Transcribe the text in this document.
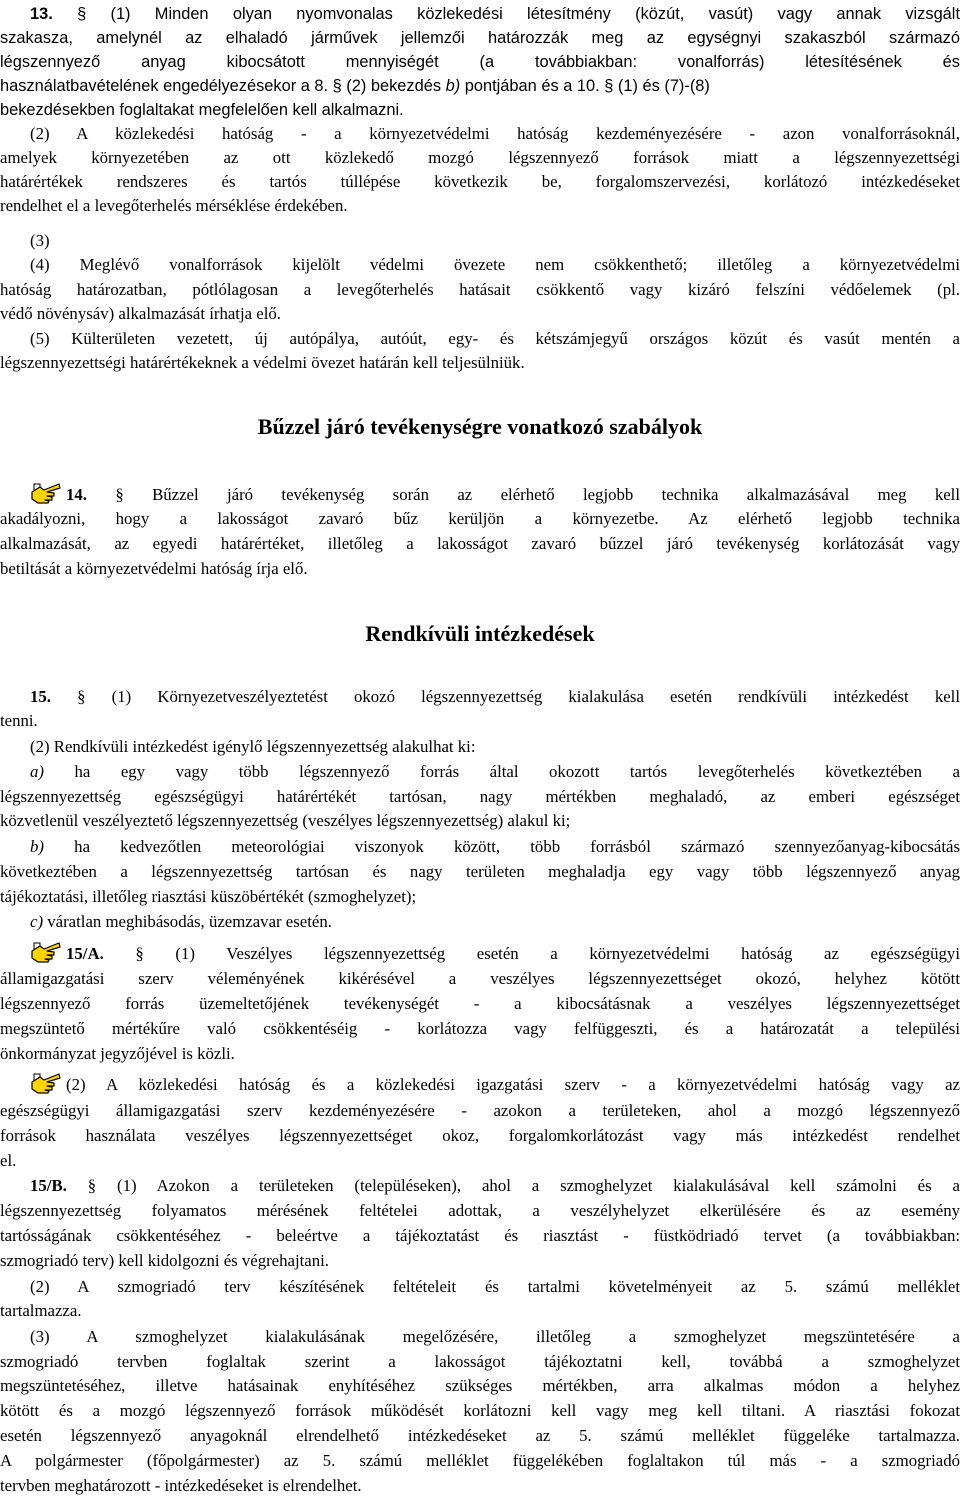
13. § (1) Minden olyan nyomvonalas közlekedési létesítmény (közút, vasút) vagy annak vizsgált
szakasza, amelynél az elhaladó járművek jellemzői határozzák meg az egységnyi szakaszból származó
légszennyező anyag kibocsátott mennyiségét (a továbbiakban: vonalforrás) létesítésének és
használatbavételének engedélyezésekor a 8. § (2) bekezdés b) pontjában és a 10. § (1) és (7)-(8)
bekezdésekben foglaltakat megfelelően kell alkalmazni.
(2) A közlekedési hatóság - a környezetvédelmi hatóság kezdeményezésére - azon vonalforrásoknál,
amelyek környezetében az ott közlekedő mozgó légszennyező források miatt a légszennyezettségi
határértékek rendszeres és tartós túllépése következik be, forgalomszervezési, korlátozó intézkedéseket
rendelhet el a levegőterhelés mérséklése érdekében.
(3)
(4) Meglévő vonalforrások kijelölt védelmi övezete nem csökkenthető; illetőleg a környezetvédelmi
hatóság határozatban, pótlólagosan a levegőterhelés hatásait csökkentő vagy kizáró felszíni védőelemek (pl.
védő növénysáv) alkalmazását írhatja elő.
(5) Külterületen vezetett, új autópálya, autóút, egy- és kétszámjegyű országos közút és vasút mentén a
légszennyezettségi határértékeknek a védelmi övezet határán kell teljesülniük.
Bűzzel járó tevékenységre vonatkozó szabályok
14. § Bűzzel járó tevékenység során az elérhető legjobb technika alkalmazásával meg kell
akadályozni, hogy a lakosságot zavaró bűz kerüljön a környezetbe. Az elérhető legjobb technika
alkalmazását, az egyedi határértéket, illetőleg a lakosságot zavaró bűzzel járó tevékenység korlátozását vagy
betiltását a környezetvédelmi hatóság írja elő.
Rendkívüli intézkedések
15. § (1) Környezetveszélyeztetést okozó légszennyezettség kialakulása esetén rendkívüli intézkedést kell
tenni.
(2) Rendkívüli intézkedést igénylő légszennyezettség alakulhat ki:
a) ha egy vagy több légszennyező forrás által okozott tartós levegőterhelés következtében a
légszennyezettség egészségügyi határértékét tartósan, nagy mértékben meghaladó, az emberi egészséget
közvetlenül veszélyeztető légszennyezettség (veszélyes légszennyezettség) alakul ki;
b) ha kedvezőtlen meteorológiai viszonyok között, több forrásból származó szennyezőanyag-kibocsátás
következtében a légszennyezettség tartósan és nagy területen meghaladja egy vagy több légszennyező anyag
tájékoztatási, illetőleg riasztási küszöbértékét (szmoghelyzet);
c) váratlan meghibásodás, üzemzavar esetén.
15/A. § (1) Veszélyes légszennyezettség esetén a környezetvédelmi hatóság az egészségügyi
államigazgatási szerv véleményének kikérésével a veszélyes légszennyezettséget okozó, helyhez kötött
légszennyező forrás üzemeltetőjének tevékenységét - a kibocsátásnak a veszélyes légszennyezettséget
megszüntető mértékűre való csökkentéséig - korlátozza vagy felfüggeszti, és a határozatát a települési
önkormányzat jegyzőjével is közli.
(2) A közlekedési hatóság és a közlekedési igazgatási szerv - a környezetvédelmi hatóság vagy az
egészségügyi államigazgatási szerv kezdeményezésére - azokon a területeken, ahol a mozgó légszennyező
források használata veszélyes légszennyezettséget okoz, forgalomkorlátozást vagy más intézkedést rendelhet
el.
15/B. § (1) Azokon a területeken (településeken), ahol a szmoghelyzet kialakulásával kell számolni és a
légszennyezettség folyamatos mérésének feltételei adottak, a veszélyhelyzet elkerülésére és az esemény
tartósságának csökkentéséhez - beleértve a tájékoztatást és riasztást - füstködriadó tervet (a továbbiakban:
szmogriadó terv) kell kidolgozni és végrehajtani.
(2) A szmogriadó terv készítésének feltételeit és tartalmi követelményeit az 5. számú melléklet
tartalmazza.
(3) A szmoghelyzet kialakulásának megelőzésére, illetőleg a szmoghelyzet megszüntetésére a
szmogriadó tervben foglaltak szerint a lakosságot tájékoztatni kell, továbbá a szmoghelyzet
megszüntetéséhez, illetve hatásainak enyhítéséhez szükséges mértékben, arra alkalmas módon a helyhez
kötött és a mozgó légszennyező források működését korlátozni kell vagy meg kell tiltani. A riasztási fokozat
esetén légszennyező anyagoknál elrendelhető intézkedéseket az 5. számú melléklet függeléke tartalmazza.
A polgármester (főpolgármester) az 5. számú melléklet függelékében foglaltakon túl más - a szmogriadó
tervben meghatározott - intézkedéseket is elrendelhet.
